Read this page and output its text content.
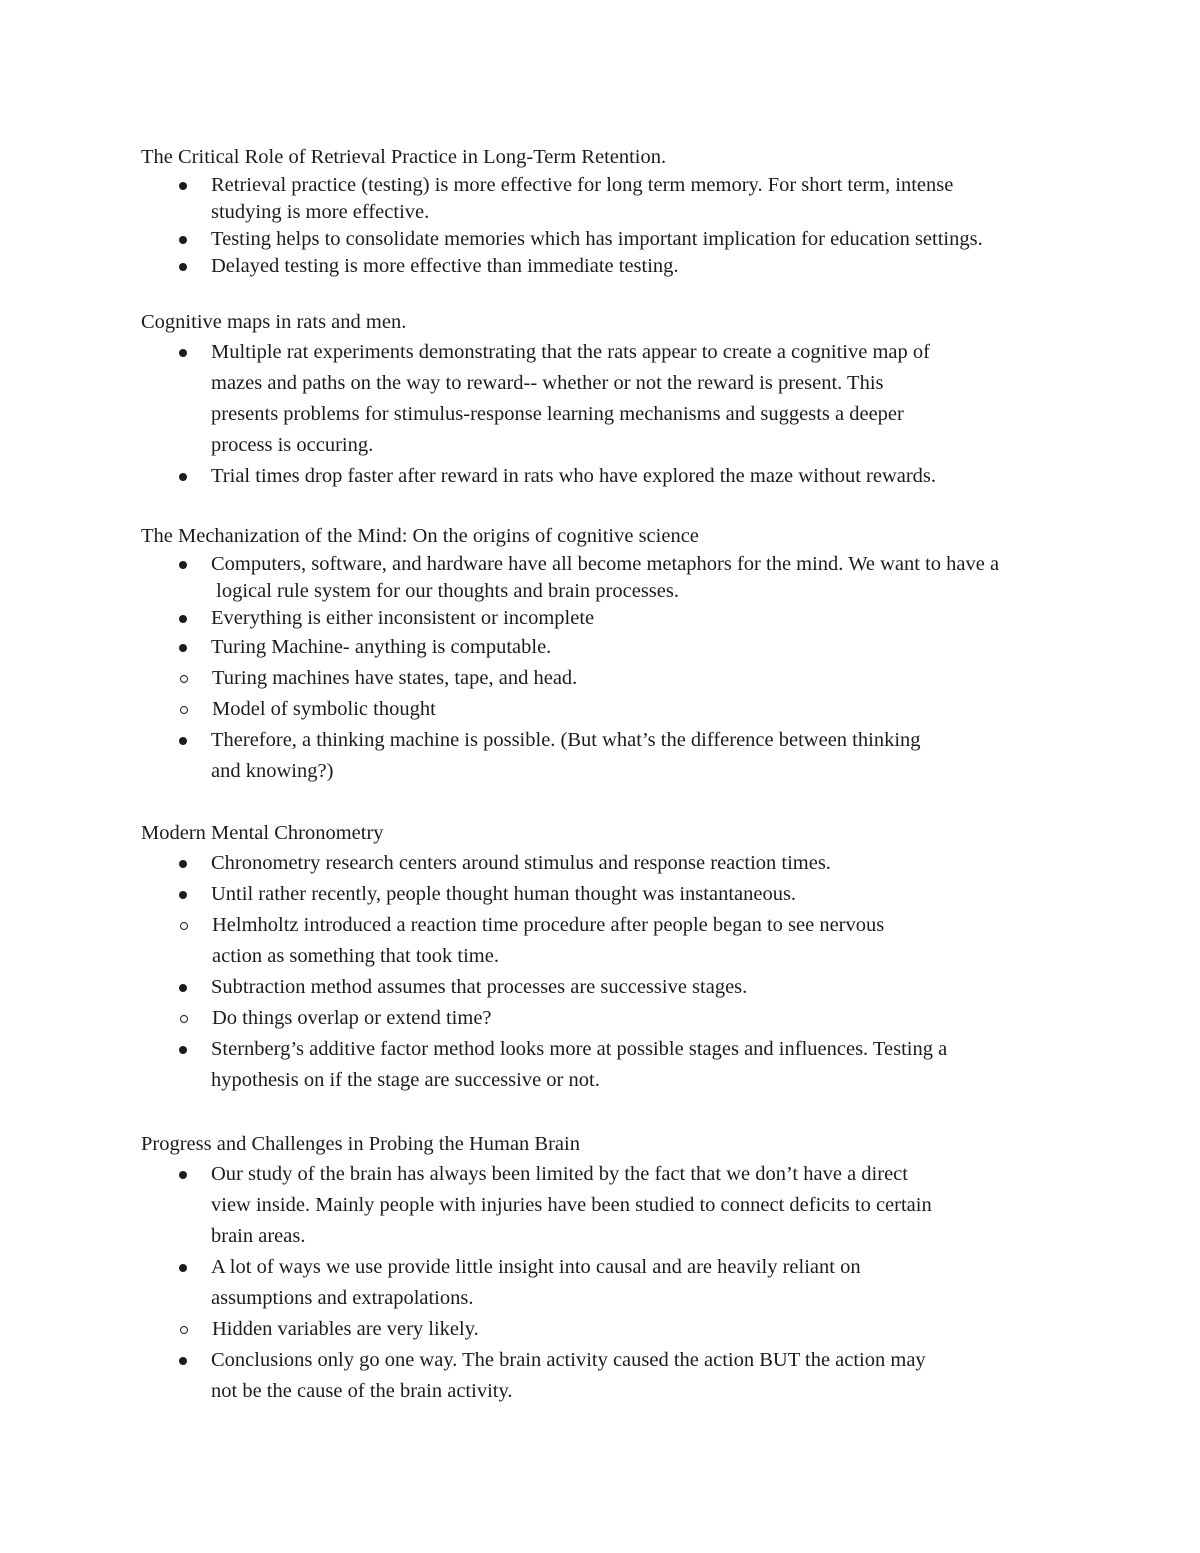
The Critical Role of Retrieval Practice in Long-Term Retention.
Retrieval practice (testing) is more effective for long term memory. For short term, intense
studying is more effective.
Testing helps to consolidate memories which has important implication for education settings.
Delayed testing is more effective than immediate testing.
Cognitive maps in rats and men.
Multiple rat experiments demonstrating that the rats appear to create a cognitive map of
mazes and paths on the way to reward-- whether or not the reward is present. This
presents problems for stimulus-response learning mechanisms and suggests a deeper
process is occuring.
Trial times drop faster after reward in rats who have explored the maze without rewards.
The Mechanization of the Mind: On the origins of cognitive science
Computers, software, and hardware have all become metaphors for the mind. We want to have a
logical rule system for our thoughts and brain processes.
Everything is either inconsistent or incomplete
Turing Machine- anything is computable.
Turing machines have states, tape, and head.
Model of symbolic thought
Therefore, a thinking machine is possible. (But what’s the difference between thinking
and knowing?)
Modern Mental Chronometry
Chronometry research centers around stimulus and response reaction times.
Until rather recently, people thought human thought was instantaneous.
Helmholtz introduced a reaction time procedure after people began to see nervous
action as something that took time.
Subtraction method assumes that processes are successive stages.
Do things overlap or extend time?
Sternberg’s additive factor method looks more at possible stages and influences. Testing a
hypothesis on if the stage are successive or not.
Progress and Challenges in Probing the Human Brain
Our study of the brain has always been limited by the fact that we don’t have a direct
view inside. Mainly people with injuries have been studied to connect deficits to certain
brain areas.
A lot of ways we use provide little insight into causal and are heavily reliant on
assumptions and extrapolations.
Hidden variables are very likely.
Conclusions only go one way. The brain activity caused the action BUT the action may
not be the cause of the brain activity.
